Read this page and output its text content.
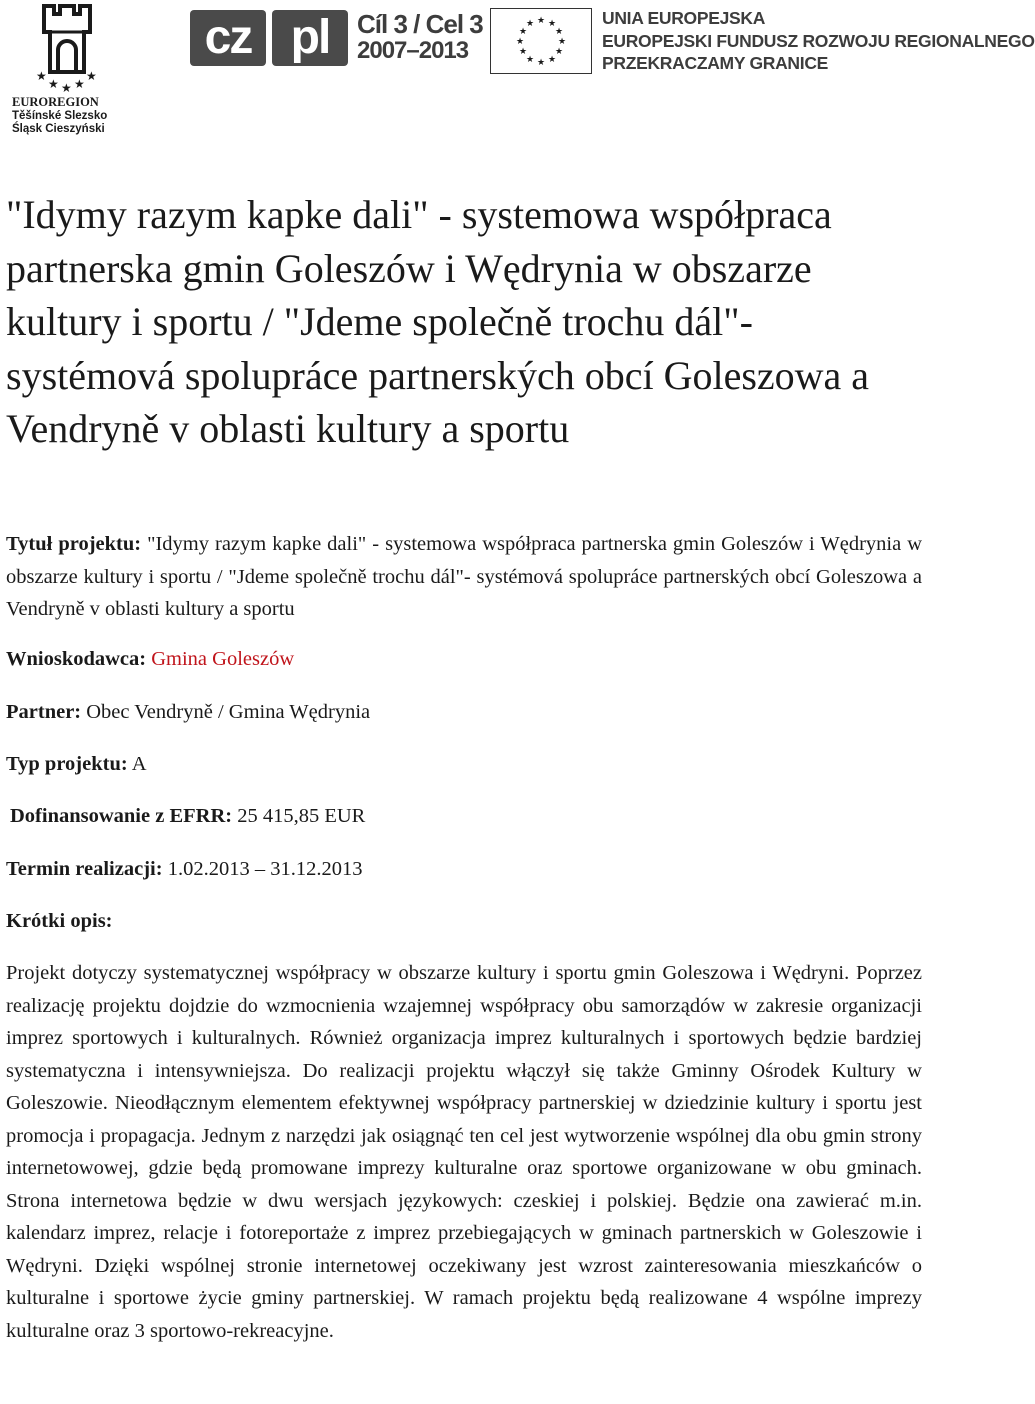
★
★ ★ ★
★
EUROREGION
Těšínské Slezsko
Śląsk Cieszyński
cz pl	Cíl 3 / Cel 3
2007–2013
★ ★
★
★
★
★
★
★
★
★
★
★	UNIA EUROPEJSKA
EUROPEJSKI FUNDUSZ ROZWOJU REGIONALNEGO
PRZEKRACZAMY GRANICE
"Idymy razym kapke dali" - systemowa współpraca partnerska gmin Goleszów i Wędrynia w obszarze kultury i sportu / "Jdeme společně trochu dál"- systémová spolupráce partnerských obcí Goleszowa a Vendryně v oblasti kultury a sportu
Tytuł projektu: "Idymy razym kapke dali" - systemowa współpraca partnerska gmin Goleszów i Wędrynia w obszarze kultury i sportu / "Jdeme společně trochu dál"- systémová spolupráce partnerských obcí Goleszowa a Vendryně v oblasti kultury a sportu
Wnioskodawca: Gmina Goleszów
Partner: Obec Vendryně / Gmina Wędrynia
Typ projektu: A
Dofinansowanie z EFRR: 25 415,85 EUR
Termin realizacji: 1.02.2013 – 31.12.2013
Krótki opis:

Projekt dotyczy systematycznej współpracy w obszarze kultury i sportu gmin Goleszowa i Wędryni. Poprzez realizację projektu dojdzie do wzmocnienia wzajemnej współpracy obu samorządów w zakresie organizacji imprez sportowych i kulturalnych. Również organizacja imprez kulturalnych i sportowych będzie bardziej systematyczna i intensywniejsza. Do realizacji projektu włączył się także Gminny Ośrodek Kultury w Goleszowie. Nieodłącznym elementem efektywnej współpracy partnerskiej w dziedzinie kultury i sportu jest promocja i propagacja. Jednym z narzędzi jak osiągnąć ten cel jest wytworzenie wspólnej dla obu gmin strony internetowowej, gdzie będą promowane imprezy kulturalne oraz sportowe organizowane w obu gminach. Strona internetowa będzie w dwu wersjach językowych: czeskiej i polskiej. Będzie ona zawierać m.in. kalendarz imprez, relacje i fotoreportaże z imprez przebiegających w gminach partnerskich w Goleszowie i Wędryni. Dzięki wspólnej stronie internetowej oczekiwany jest wzrost zainteresowania mieszkańców o kulturalne i sportowe życie gminy partnerskiej. W ramach projektu będą realizowane 4 wspólne imprezy kulturalne oraz 3 sportowo-rekreacyjne.
